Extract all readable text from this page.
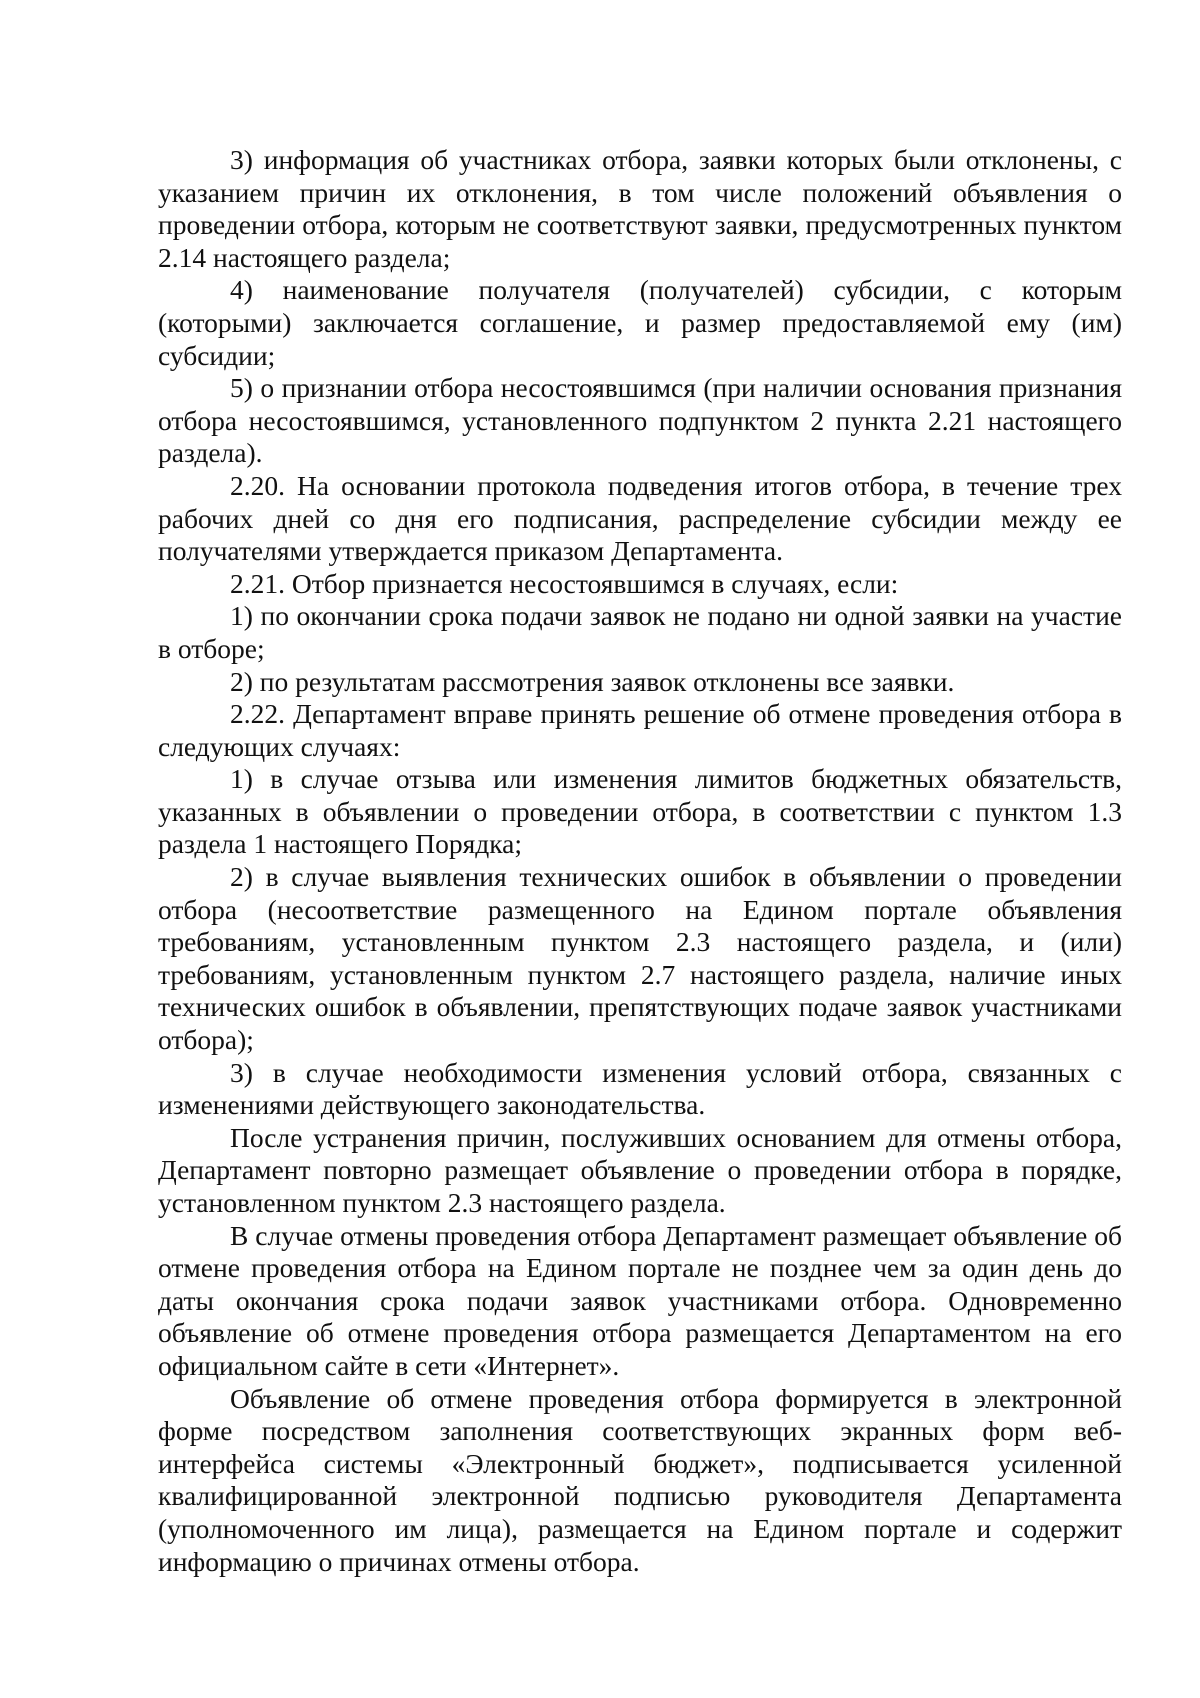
3) информация об участниках отбора, заявки которых были отклонены, с указанием причин их отклонения, в том числе положений объявления о проведении отбора, которым не соответствуют заявки, предусмотренных пунктом 2.14 настоящего раздела;

4) наименование получателя (получателей) субсидии, с которым (которыми) заключается соглашение, и размер предоставляемой ему (им) субсидии;

5) о признании отбора несостоявшимся (при наличии основания признания отбора несостоявшимся, установленного подпунктом 2 пункта 2.21 настоящего раздела).

2.20. На основании протокола подведения итогов отбора, в течение трех рабочих дней со дня его подписания, распределение субсидии между ее получателями утверждается приказом Департамента.

2.21. Отбор признается несостоявшимся в случаях, если:

1) по окончании срока подачи заявок не подано ни одной заявки на участие в отборе;

2) по результатам рассмотрения заявок отклонены все заявки.

2.22. Департамент вправе принять решение об отмене проведения отбора в следующих случаях:

1) в случае отзыва или изменения лимитов бюджетных обязательств, указанных в объявлении о проведении отбора, в соответствии с пунктом 1.3 раздела 1 настоящего Порядка;

2) в случае выявления технических ошибок в объявлении о проведении отбора (несоответствие размещенного на Едином портале объявления требованиям, установленным пунктом 2.3 настоящего раздела, и (или) требованиям, установленным пунктом 2.7 настоящего раздела, наличие иных технических ошибок в объявлении, препятствующих подаче заявок участниками отбора);

3) в случае необходимости изменения условий отбора, связанных с изменениями действующего законодательства.

После устранения причин, послуживших основанием для отмены отбора, Департамент повторно размещает объявление о проведении отбора в порядке, установленном пунктом 2.3 настоящего раздела.

В случае отмены проведения отбора Департамент размещает объявление об отмене проведения отбора на Едином портале не позднее чем за один день до даты окончания срока подачи заявок участниками отбора. Одновременно объявление об отмене проведения отбора размещается Департаментом на его официальном сайте в сети «Интернет».

Объявление об отмене проведения отбора формируется в электронной форме посредством заполнения соответствующих экранных форм веб-интерфейса системы «Электронный бюджет», подписывается усиленной квалифицированной электронной подписью руководителя Департамента (уполномоченного им лица), размещается на Едином портале и содержит информацию о причинах отмены отбора.
